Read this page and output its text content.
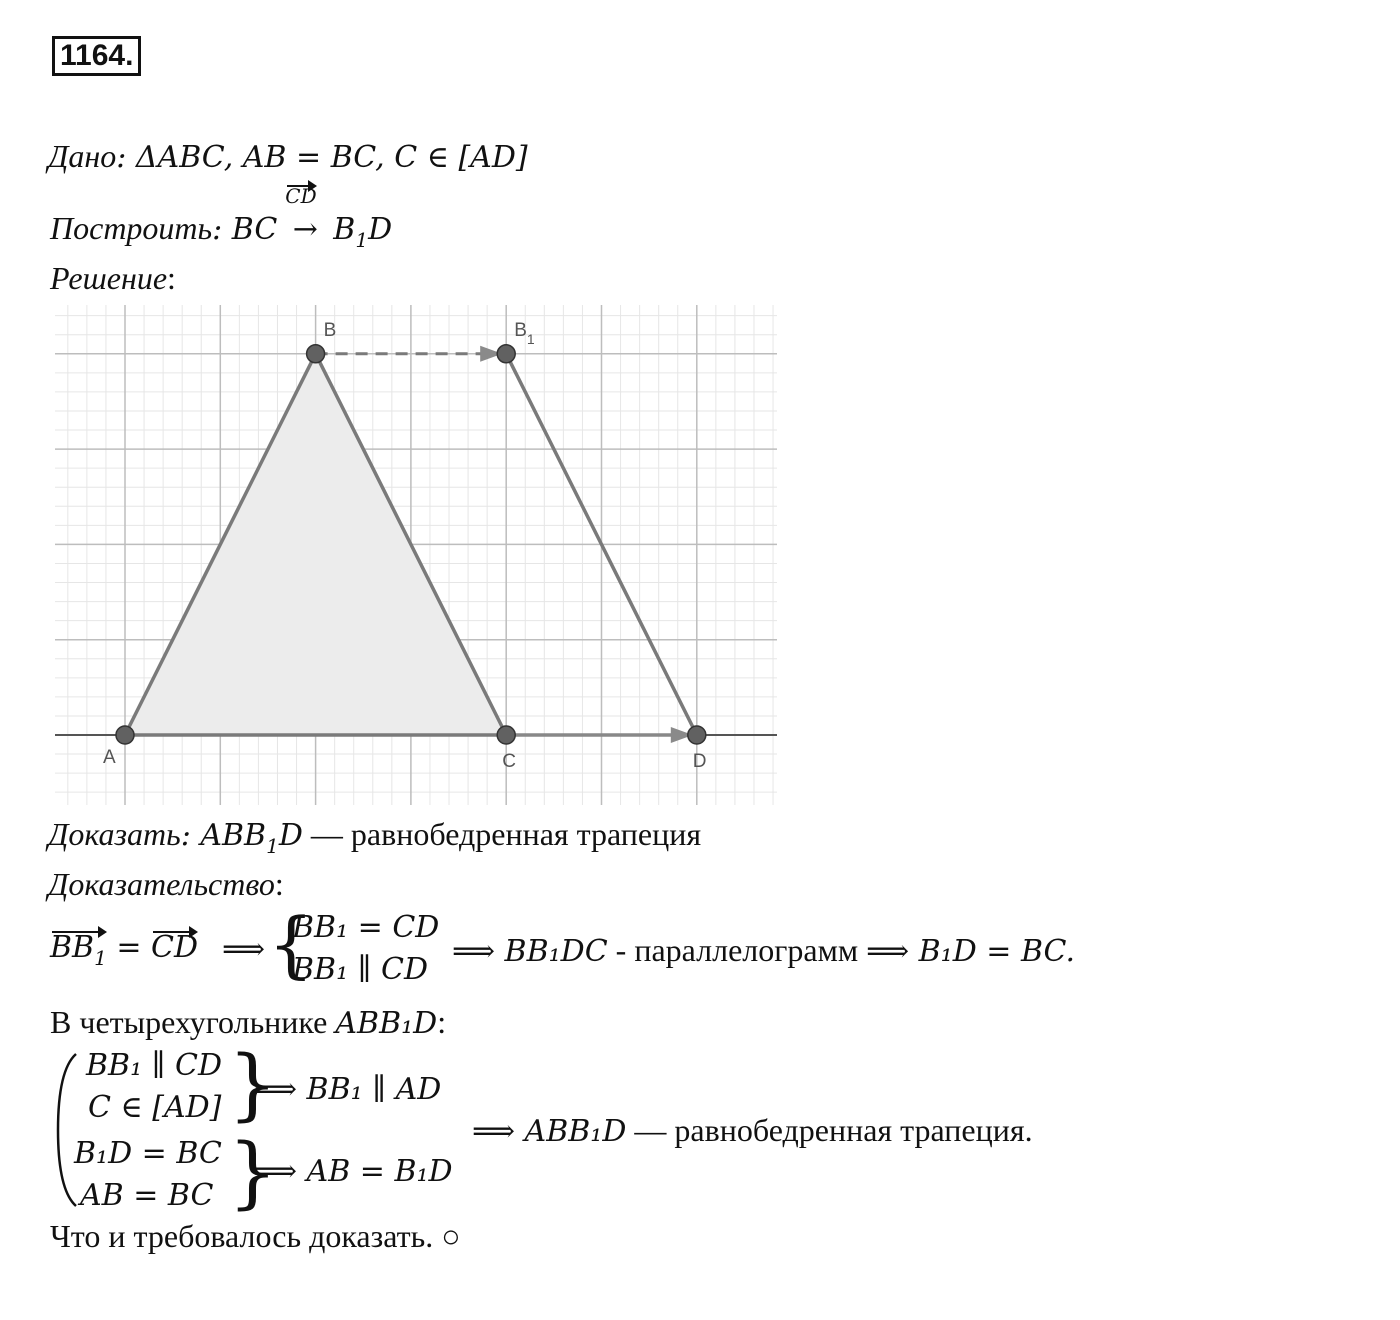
1164.
Дано: ΔABC, AB = BC, C ∈ [AD]
Построить: BC
CD
→ $B_1D$
Решение:
A
B	$B_1$
C	D
Доказать: $ABB_1D$ — равнобедренная трапеция
Доказательство:
$BB_1$ = CD ⟹ {
BB₁ = CD
BB₁ ∥ CD
⟹ BB₁DC - параллелограмм ⟹ B₁D = BC.
В четырехугольнике ABB₁D:
BB₁ ∥ CD
C ∈ [AD] }
⟹ BB₁ ∥ AD
B₁D = BC
AB = BC }
⟹ AB = B₁D
⟹ ABB₁D — равнобедренная трапеция.
Что и требовалось доказать. ○
